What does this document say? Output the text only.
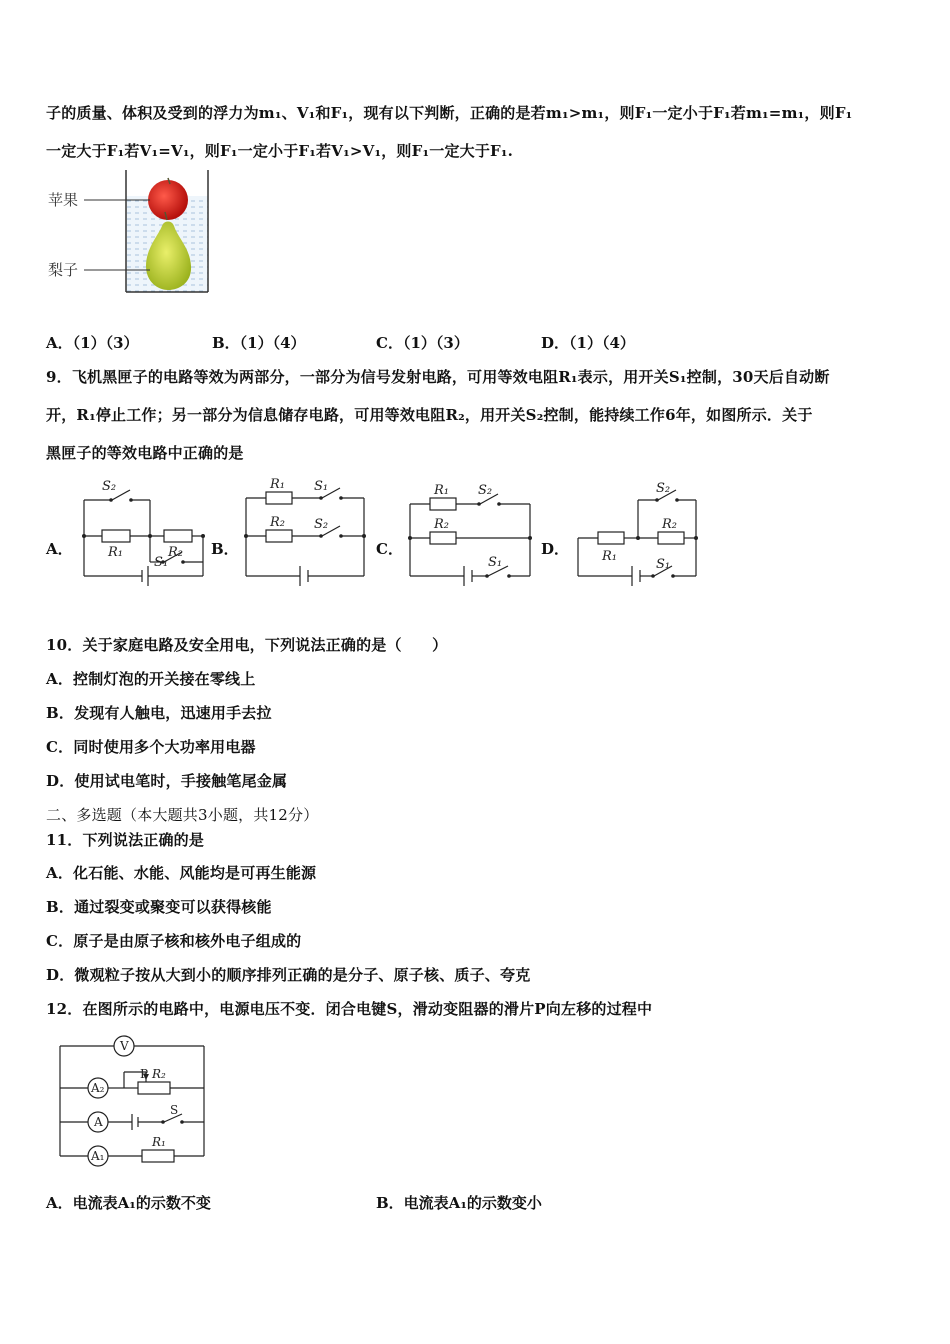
子的质量、体积及受到的浮力为m₁、V₁和F₁，现有以下判断，正确的是若m₁>m₁，则F₁一定小于F₁若m₁=m₁，则F₁
一定大于F₁若V₁=V₁，则F₁一定小于F₁若V₁>V₁，则F₁一定大于F₁.
苹果
梨子
A．（1）（3）	B．（1）（4）	C．（1）（3）	D．（1）（4）
9．飞机黑匣子的电路等效为两部分，一部分为信号发射电路，可用等效电阻R₁表示，用开关S₁控制，30天后自动断
开，R₁停止工作；另一部分为信息储存电路，可用等效电阻R₂，用开关S₂控制，能持续工作6年，如图所示．关于
黑匣子的等效电路中正确的是
A．	B．	C．	D．
S₂
R₁	R₂
S₁
R₁ S₁
R₂ S₂
R₁ S₂
R₂
S₁
S₂
R₂
R₁
S₁
10．关于家庭电路及安全用电，下列说法正确的是（　　）
A．控制灯泡的开关接在零线上
B．发现有人触电，迅速用手去拉
C．同时使用多个大功率用电器
D．使用试电笔时，手接触笔尾金属
二、多选题（本大题共3小题，共12分）
11．下列说法正确的是
A．化石能、水能、风能均是可再生能源
B．通过裂变或聚变可以获得核能
C．原子是由原子核和核外电子组成的
D．微观粒子按从大到小的顺序排列正确的是分子、原子核、质子、夸克
12．在图所示的电路中，电源电压不变．闭合电键S，滑动变阻器的滑片P向左移的过程中
V
A₂
A
A₁
P R₂
S
R₁
A．电流表A₁的示数不变	B．电流表A₁的示数变小
